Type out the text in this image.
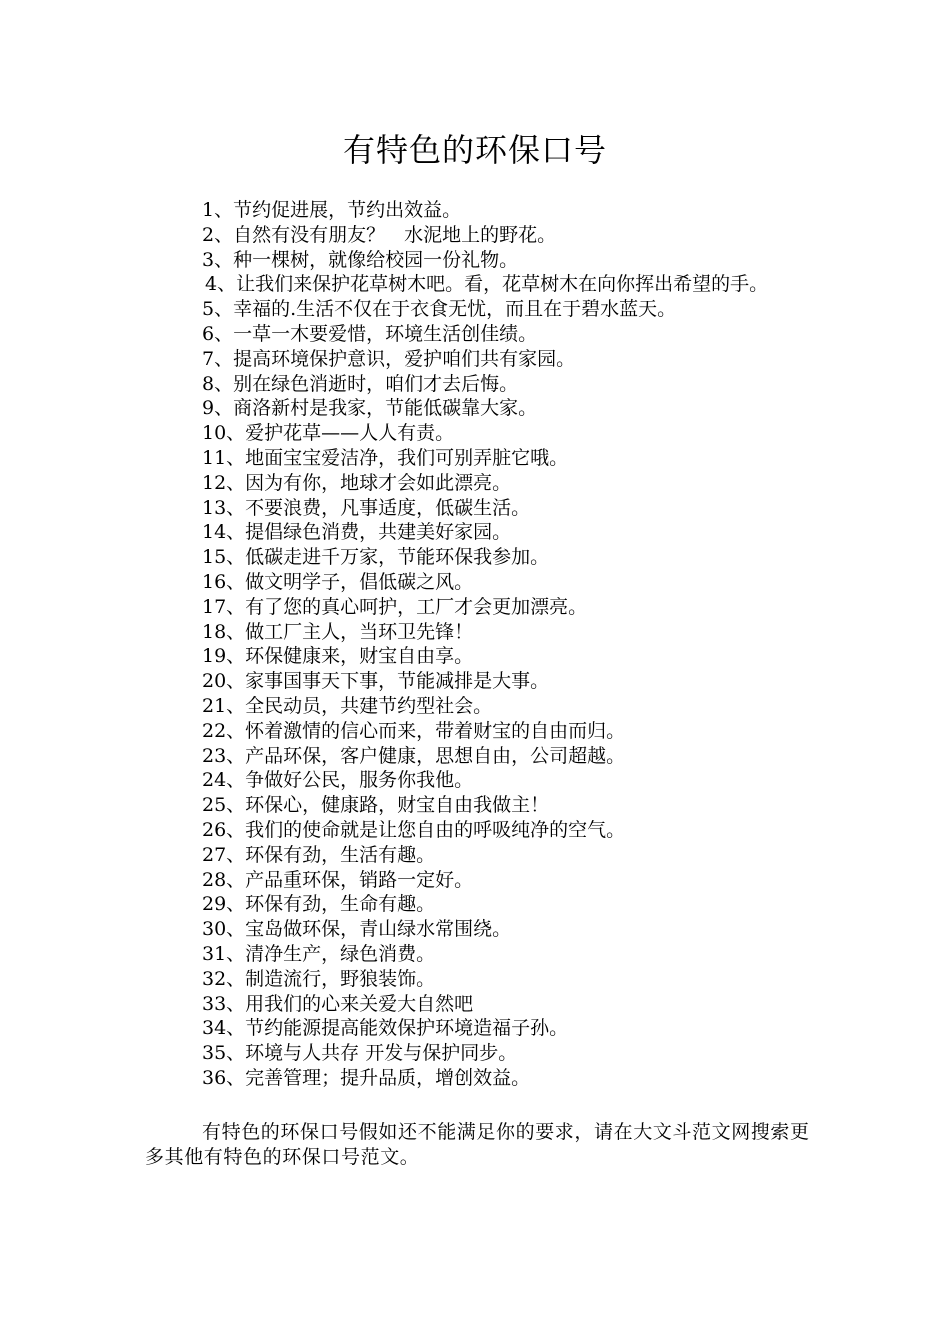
有特色的环保口号
1、节约促进展，节约出效益。
2、自然有没有朋友？　水泥地上的野花。
3、种一棵树，就像给校园一份礼物。
4、让我们来保护花草树木吧。看，花草树木在向你挥出希望的手。
5、幸福的.生活不仅在于衣食无忧，而且在于碧水蓝天。
6、一草一木要爱惜，环境生活创佳绩。
7、提高环境保护意识，爱护咱们共有家园。
8、别在绿色消逝时，咱们才去后悔。
9、商洛新村是我家，节能低碳靠大家。
10、爱护花草——人人有责。
11、地面宝宝爱洁净，我们可别弄脏它哦。
12、因为有你，地球才会如此漂亮。
13、不要浪费，凡事适度，低碳生活。
14、提倡绿色消费，共建美好家园。
15、低碳走进千万家，节能环保我参加。
16、做文明学子，倡低碳之风。
17、有了您的真心呵护，工厂才会更加漂亮。
18、做工厂主人，当环卫先锋！
19、环保健康来，财宝自由享。
20、家事国事天下事，节能减排是大事。
21、全民动员，共建节约型社会。
22、怀着激情的信心而来，带着财宝的自由而归。
23、产品环保，客户健康，思想自由，公司超越。
24、争做好公民，服务你我他。
25、环保心，健康路，财宝自由我做主！
26、我们的使命就是让您自由的呼吸纯净的空气。
27、环保有劲，生活有趣。
28、产品重环保，销路一定好。
29、环保有劲，生命有趣。
30、宝岛做环保，青山绿水常围绕。
31、清净生产，绿色消费。
32、制造流行，野狼装饰。
33、用我们的心来关爱大自然吧
34、节约能源提高能效保护环境造福子孙。
35、环境与人共存 开发与保护同步。
36、完善管理；提升品质，增创效益。

有特色的环保口号假如还不能满足你的要求，请在大文斗范文网搜索更多其他有特色的环保口号范文。
